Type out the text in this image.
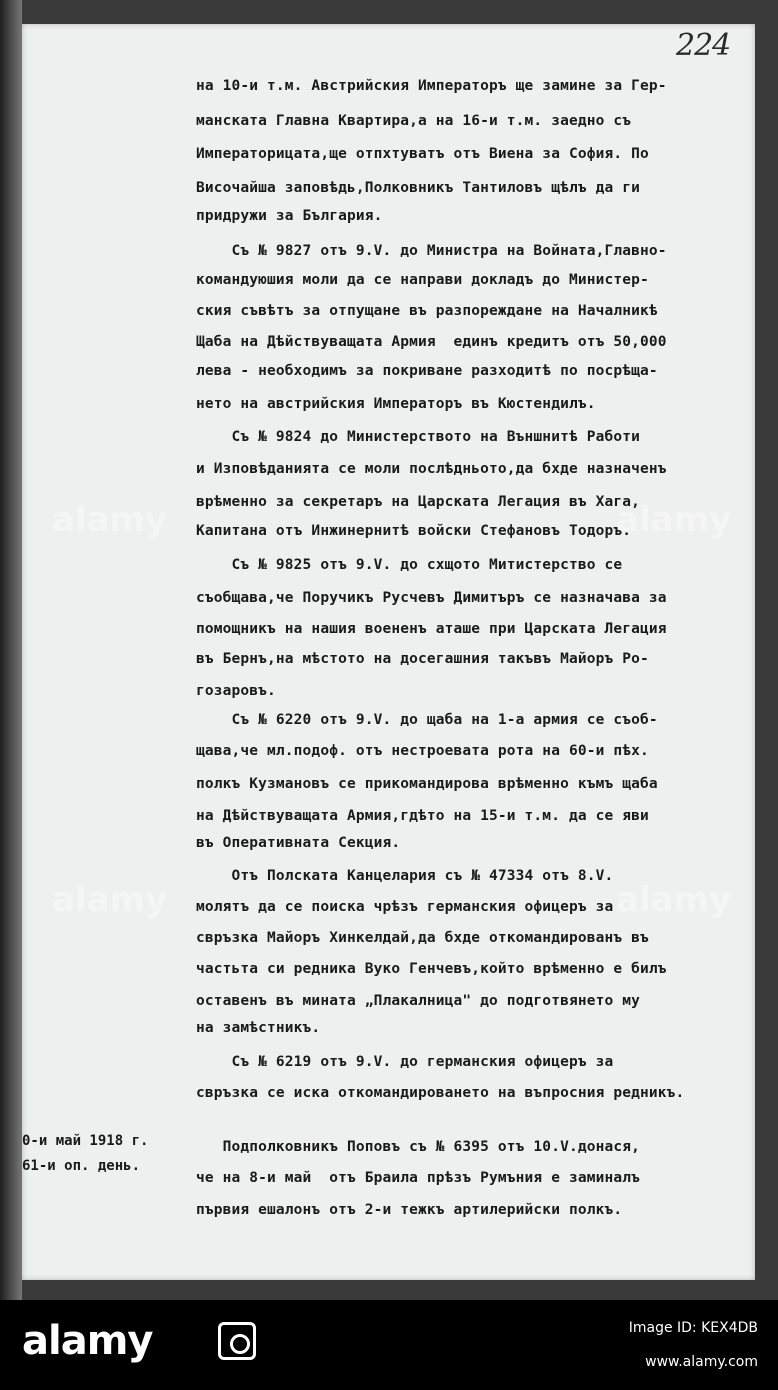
224
на 10-и т.м. Австрийския Императоръ ще замине за Гер-
манската Главна Квартира,а на 16-и т.м. заедно съ
Императорицата,ще отпхтуватъ отъ Виена за София. По
Височайша заповѣдь,Полковникъ Тантиловъ щѣлъ да ги
придружи за България.
Съ № 9827 отъ 9.V. до Министра на Войната,Главно-
командуюшия моли да се направи докладъ до Министер-
ския съвѣтъ за отпущане въ разпореждане на Началникѣ
Щаба на Дѣйствуващата Армия  единъ кредитъ отъ 50,000
лева - необходимъ за покриване разходитѣ по посрѣща-
нето на австрийския Императоръ въ Кюстендилъ.
Съ № 9824 до Министерството на Външнитѣ Работи
и Изповѣданията се моли послѣдньото,да бхде назначенъ
врѣменно за секретаръ на Царската Легация въ Хага,
Капитана отъ Инжинернитѣ войски Стефановъ Тодоръ.
Съ № 9825 отъ 9.V. до схщото Митистерство се
съобщава,че Поручикъ Русчевъ Димитъръ се назначава за
помощникъ на нашия воененъ аташе при Царската Легация
въ Бернъ,на мѣстото на досегашния такъвъ Майоръ Ро-
гозаровъ.
Съ № 6220 отъ 9.V. до щаба на 1-а армия се съоб-
щава,че мл.подоф. отъ нестроевата рота на 60-и пѣх.
полкъ Кузмановъ се прикомандирова врѣменно къмъ щаба
на Дѣйствуващата Армия,гдѣто на 15-и т.м. да се яви
въ Оперативната Секция.
Отъ Полската Канцелария съ № 47334 отъ 8.V.
молятъ да се поиска чрѣзъ германския офицеръ за
свръзка Майоръ Хинкелдай,да бхде откомандированъ въ
частьта си редника Вуко Генчевъ,който врѣменно е билъ
оставенъ въ мината „Плакалница" до подготвянето му
на замѣстникъ.
Съ № 6219 отъ 9.V. до германския офицеръ за
свръзка се иска откомандироването на въпросния редникъ.
Подполковникъ Поповъ съ № 6395 отъ 10.V.донася,
че на 8-и май  отъ Браила прѣзъ Румъния е заминалъ
първия ешалонъ отъ 2-и тежкъ артилерийски полкъ.
0-и май 1918 г.
61-и оп. день.
alamy	alamy
alamy	alamy
alamy	Image ID: KEX4DB
www.alamy.com
